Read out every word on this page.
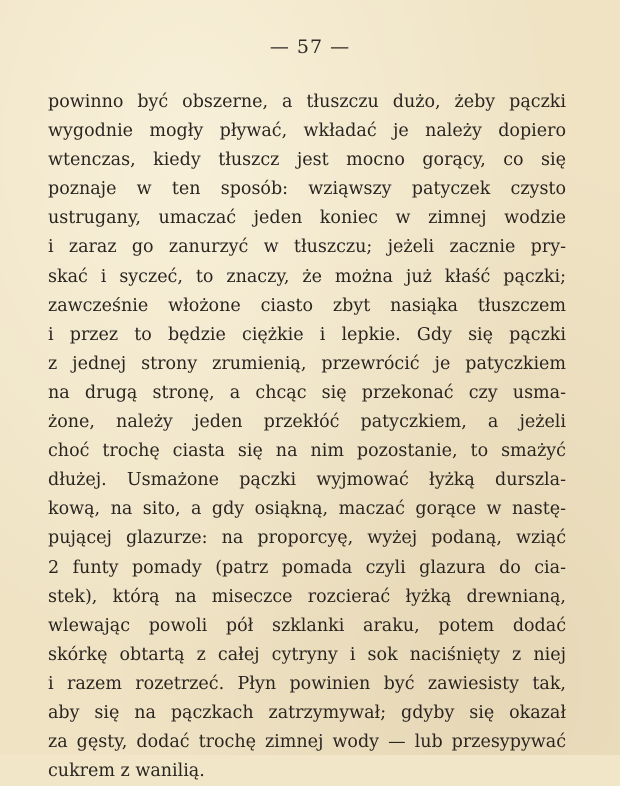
— 57 —
powinno być obszerne, a tłuszczu dużo, żeby pączki
wygodnie mogły pływać, wkładać je należy dopiero
wtenczas, kiedy tłuszcz jest mocno gorący, co się
poznaje w ten sposób: wziąwszy patyczek czysto
ustrugany, umaczać jeden koniec w zimnej wodzie
i zaraz go zanurzyć w tłuszczu; jeżeli zacznie pry-
skać i syczeć, to znaczy, że można już kłaść pączki;
zawcześnie włożone ciasto zbyt nasiąka tłuszczem
i przez to będzie ciężkie i lepkie. Gdy się pączki
z jednej strony zrumienią, przewrócić je patyczkiem
na drugą stronę, a chcąc się przekonać czy usma-
żone, należy jeden przekłóć patyczkiem, a jeżeli
choć trochę ciasta się na nim pozostanie, to smażyć
dłużej. Usmażone pączki wyjmować łyżką durszla-
kową, na sito, a gdy osiąkną, maczać gorące w nastę-
pującej glazurze: na proporcyę, wyżej podaną, wziąć
2 funty pomady (patrz pomada czyli glazura do cia-
stek), którą na miseczce rozcierać łyżką drewnianą,
wlewając powoli pół szklanki araku, potem dodać
skórkę obtartą z całej cytryny i sok naciśnięty z niej
i razem rozetrzeć. Płyn powinien być zawiesisty tak,
aby się na pączkach zatrzymywał; gdyby się okazał
za gęsty, dodać trochę zimnej wody — lub przesypywać
cukrem z wanilią.
